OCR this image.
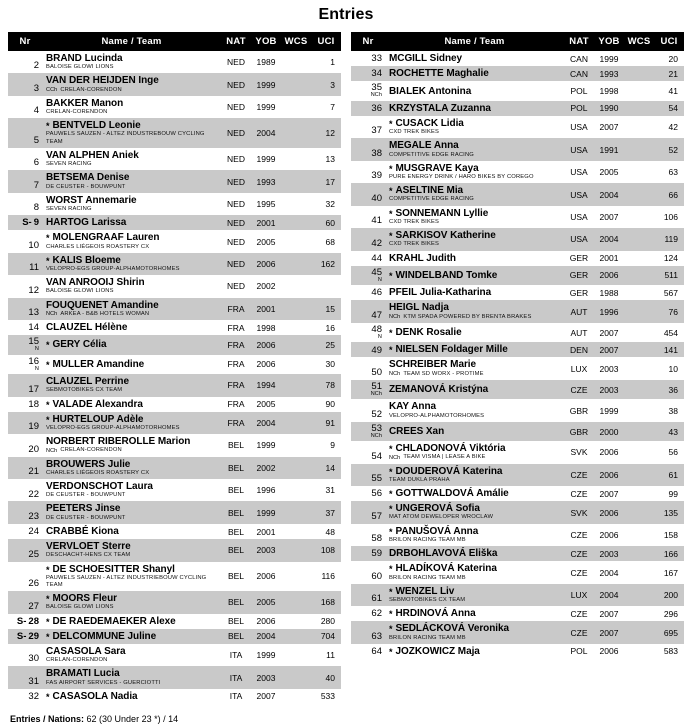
Entries
Nr	Name / Team	NAT	YOB	WCS	UCI

2	BRAND Lucinda
BALOISE GLOWI LIONS	NED	1989		1

3	VAN DER HEIJDEN Inge
CCh CRELAN-CORENDON	NED	1999		3

4	BAKKER Manon
CRELAN-CORENDON	NED	1999		7

5	* BENTVELD Leonie
PAUWELS SAUZEN - ALTEZ INDUSTREBOUW CYCLING TEAM	NED	2004		12

6	VAN ALPHEN Aniek
SEVEN RACING	NED	1999		13

7	BETSEMA Denise
DE CEUSTER - BOUWPUNT	NED	1993		17

8	WORST Annemarie
SEVEN RACING	NED	1995		32

S- 9	HARTOG Larissa	NED	2001		60

10	* MOLENGRAAF Lauren
CHARLES LIÉGEOIS ROASTERY CX	NED	2005		68

11	* KALIS Bloeme
VELOPRO-EGS GROUP-ALPHAMOTORHOMES	NED	2006		162

12	VAN ANROOIJ Shirin
BALOISE GLOWI LIONS	NED	2002		

13	FOUQUENET Amandine
NCh ARKEA - B&B HOTELS WOMAN	FRA	2001		15

14	CLAUZEL Hélène	FRA	1998		16

15
N	* GERY Célia	FRA	2006		25

16
N	* MULLER Amandine	FRA	2006		30

17	CLAUZEL Perrine
SEBMOTOBIKES CX TEAM	FRA	1994		78

18	* VALADE Alexandra	FRA	2005		90

19	* HURTELOUP Adèle
VELOPRO-EGS GROUP-ALPHAMOTORHOMES	FRA	2004		91

20	NORBERT RIBEROLLE Marion
NCh CRELAN-CORENDON	BEL	1999		9

21	BROUWERS Julie
CHARLES LIÉGEOIS ROASTERY CX	BEL	2002		14

22	VERDONSCHOT Laura
DE CEUSTER - BOUWPUNT	BEL	1996		31

23	PEETERS Jinse
DE CEUSTER - BOUWPUNT	BEL	1999		37

24	CRABBÉ Kiona	BEL	2001		48

25	VERVLOET Sterre
DESCHACHT-HENS CX TEAM	BEL	2003		108

26	* DE SCHOESITTER Shanyl
PAUWELS SAUZEN - ALTEZ INDUSTRIEBOUW CYCLING TEAM	BEL	2006		116

27	* MOORS Fleur
BALOISE GLOWI LIONS	BEL	2005		168

S- 28	* DE RAEDEMAEKER Alexe	BEL	2006		280

S- 29	* DELCOMMUNE Juline	BEL	2004		704

30	CASASOLA Sara
CRELAN-CORENDON	ITA	1999		11

31	BRAMATI Lucia
FAS AIRPORT SERVICES - GUERCIOTTI	ITA	2003		40

32	* CASASOLA Nadia	ITA	2007		533
Nr	Name / Team	NAT	YOB	WCS	UCI

33	MCGILL Sidney	CAN	1999		20

34	ROCHETTE Maghalie	CAN	1993		21

35
NCh	BIALEK Antonina	POL	1998		41

36	KRZYSTALA Zuzanna	POL	1990		54

37	* CUSACK Lidia
CXD TREK BIKES	USA	2007		42

38	MEGALE Anna
COMPETITIVE EDGE RACING	USA	1991		52

39	* MUSGRAVE Kaya
PURE ENERGY DRINK / HARO BIKES BY COREGO	USA	2005		63

40	* ASELTINE Mia
COMPETITIVE EDGE RACING	USA	2004		66

41	* SONNEMANN Lyllie
CXD TREK BIKES	USA	2007		106

42	* SARKISOV Katherine
CXD TREK BIKES	USA	2004		119

44	KRAHL Judith	GER	2001		124

45
N	* WINDELBAND Tomke	GER	2006		511

46	PFEIL Julia-Katharina	GER	1988		567

47	HEIGL Nadja
NCh KTM SPADA POWERED BY BRENTA BRAKES	AUT	1996		76

48
N	* DENK Rosalie	AUT	2007		454

49	* NIELSEN Foldager Mille	DEN	2007		141

50	SCHREIBER Marie
NCh TEAM SD WORX - PROTIME	LUX	2003		10

51
NCh	ZEMANOVÁ Kristýna	CZE	2003		36

52	KAY Anna
VELOPRO-ALPHAMOTORHOMES	GBR	1999		38

53
NCh	CREES Xan	GBR	2000		43

54	* CHLADONOVÁ Viktória
NCh TEAM VISMA | LEASE A BIKE	SVK	2006		56

55	* DOUDEROVÁ Katerina
TEAM DUKLA PRAHA	CZE	2006		61

56	* GOTTWALDOVÁ Amálie	CZE	2007		99

57	* UNGEROVÁ Sofia
MAT ATOM DEWELOPER WROCLAW	SVK	2006		135

58	* PANUŠOVÁ Anna
BRILON RACING TEAM MB	CZE	2006		158

59	DRBOHLAVOVÁ Eliška	CZE	2003		166

60	* HLADÍKOVÁ Katerina
BRILON RACING TEAM MB	CZE	2004		167

61	* WENZEL Liv
SEBMOTOBIKES CX TEAM	LUX	2004		200

62	* HRDINOVÁ Anna	CZE	2007		296

63	* SEDLÁCKOVÁ Veronika
BRILON RACING TEAM MB	CZE	2007		695

64	* JOZKOWICZ Maja	POL	2006		583
Entries / Nations: 62 (30 Under 23 *) / 14
